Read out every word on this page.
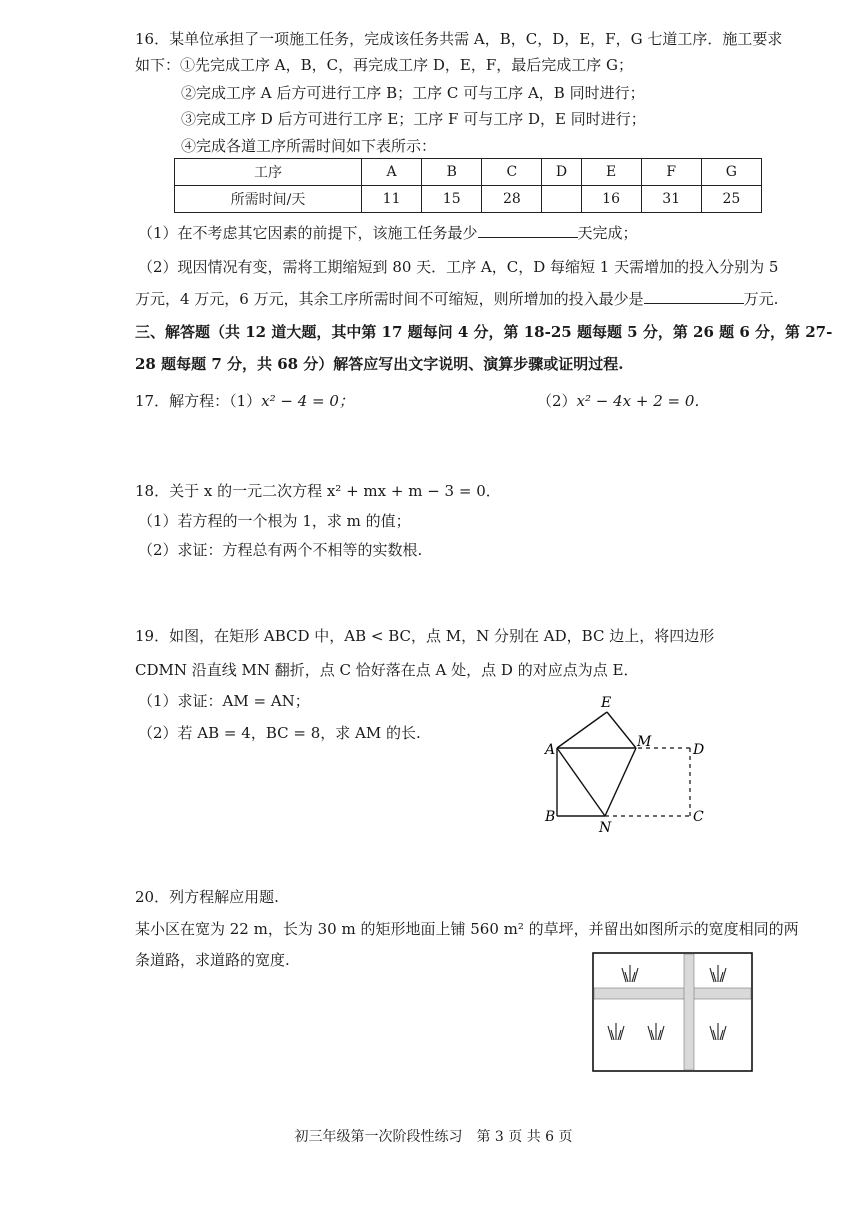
16．某单位承担了一项施工任务，完成该任务共需 A，B，C，D，E，F，G 七道工序．施工要求
如下：①先完成工序 A，B，C，再完成工序 D，E，F，最后完成工序 G；
②完成工序 A 后方可进行工序 B；工序 C 可与工序 A，B 同时进行；
③完成工序 D 后方可进行工序 E；工序 F 可与工序 D，E 同时进行；
④完成各道工序所需时间如下表所示：
工序	A	B	C	D	E	F	G
所需时间/天	11	15	28		16	31	25
（1）在不考虑其它因素的前提下，该施工任务最少	天完成；
（2）现因情况有变，需将工期缩短到 80 天．工序 A，C，D 每缩短 1 天需增加的投入分别为 5
万元，4 万元，6 万元，其余工序所需时间不可缩短，则所增加的投入最少是	万元.
三、解答题（共 12 道大题，其中第 17 题每问 4 分，第 18-25 题每题 5 分，第 26 题 6 分，第 27-
28 题每题 7 分，共 68 分）解答应写出文字说明、演算步骤或证明过程.
17．解方程：（1）x² − 4 = 0；	（2）x² − 4x + 2 = 0．
18．关于 x 的一元二次方程 x² + mx + m − 3 = 0．
（1）若方程的一个根为 1，求 m 的值；
（2）求证：方程总有两个不相等的实数根.
19．如图，在矩形 ABCD 中，AB < BC，点 M，N 分别在 AD，BC 边上，将四边形
CDMN 沿直线 MN 翻折，点 C 恰好落在点 A 处，点 D 的对应点为点 E．
（1）求证：AM = AN；
（2）若 AB = 4，BC = 8，求 AM 的长.
A
B	C
D
E
M
N
20．列方程解应用题.
某小区在宽为 22 m，长为 30 m 的矩形地面上铺 560 m² 的草坪，并留出如图所示的宽度相同的两
条道路，求道路的宽度.
初三年级第一次阶段性练习　第 3 页 共 6 页
